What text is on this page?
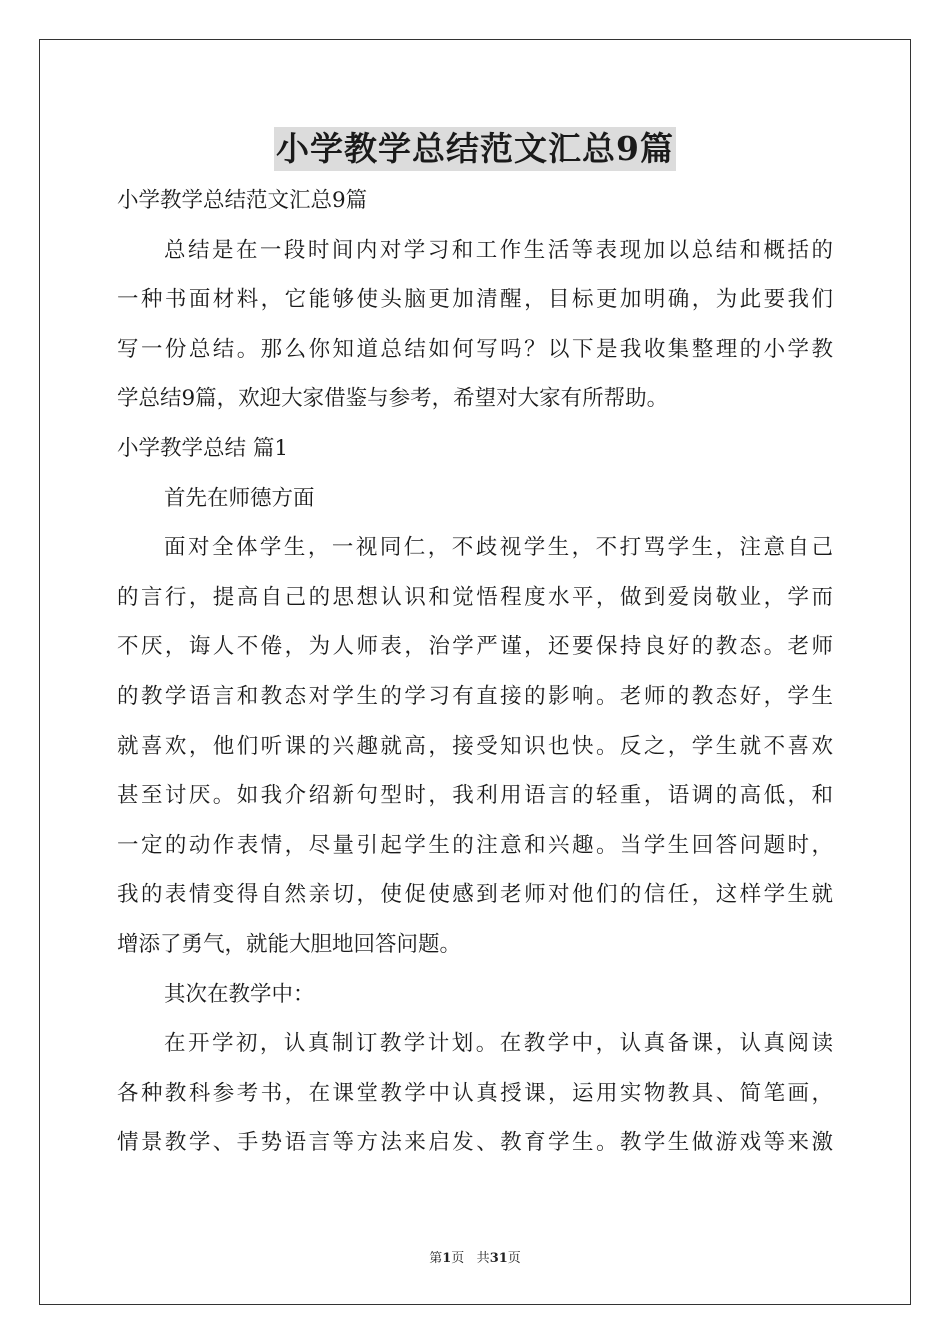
小学教学总结范文汇总9篇
小学教学总结范文汇总9篇
总结是在一段时间内对学习和工作生活等表现加以总结和概括的
一种书面材料，它能够使头脑更加清醒，目标更加明确，为此要我们
写一份总结。那么你知道总结如何写吗？以下是我收集整理的小学教
学总结9篇，欢迎大家借鉴与参考，希望对大家有所帮助。
小学教学总结 篇1
首先在师德方面
面对全体学生，一视同仁，不歧视学生，不打骂学生，注意自己
的言行，提高自己的思想认识和觉悟程度水平，做到爱岗敬业，学而
不厌，诲人不倦，为人师表，治学严谨，还要保持良好的教态。老师
的教学语言和教态对学生的学习有直接的影响。老师的教态好，学生
就喜欢，他们听课的兴趣就高，接受知识也快。反之，学生就不喜欢
甚至讨厌。如我介绍新句型时，我利用语言的轻重，语调的高低，和
一定的动作表情，尽量引起学生的注意和兴趣。当学生回答问题时，
我的表情变得自然亲切，使促使感到老师对他们的信任，这样学生就
增添了勇气，就能大胆地回答问题。
其次在教学中：
在开学初，认真制订教学计划。在教学中，认真备课，认真阅读
各种教科参考书，在课堂教学中认真授课，运用实物教具、简笔画，
情景教学、手势语言等方法来启发、教育学生。教学生做游戏等来激
第1页 共31页
